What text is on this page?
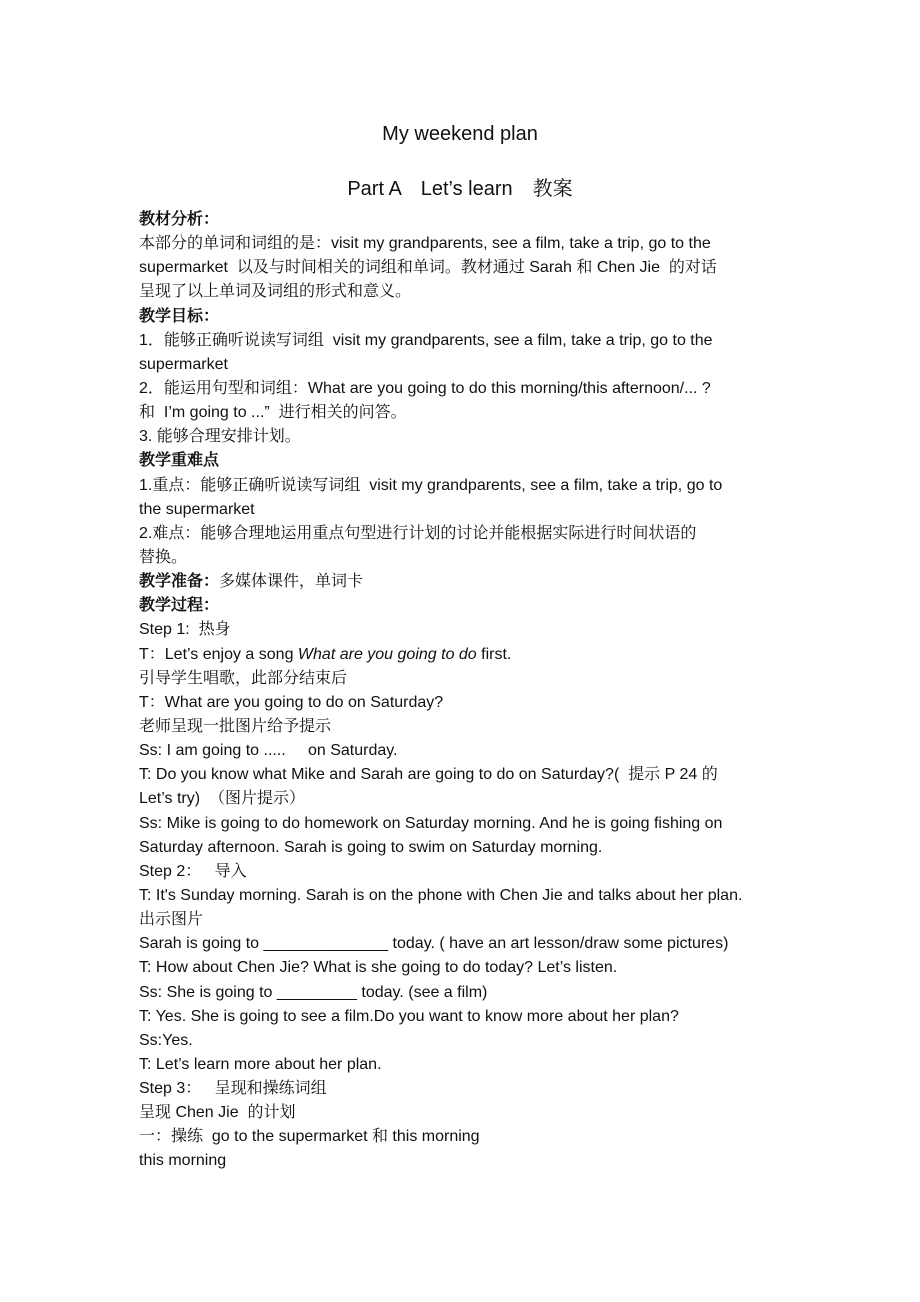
My weekend plan
Part A　Let’s learn　教案
教材分析：
本部分的单词和词组的是：visit my grandparents, see a film, take a trip, go to the
supermarket  以及与时间相关的词组和单词。教材通过 Sarah 和 Chen Jie  的对话
呈现了以上单词及词组的形式和意义。
教学目标：
1．能够正确听说读写词组  visit my grandparents, see a film, take a trip, go to the
supermarket
2．能运用句型和词组：What are you going to do this morning/this afternoon/... ?
和  I’m going to ...”  进行相关的问答。
3. 能够合理安排计划。
教学重难点
1.重点：能够正确听说读写词组  visit my grandparents, see a film, take a trip, go to
the supermarket
2.难点：能够合理地运用重点句型进行计划的讨论并能根据实际进行时间状语的
替换。
教学准备：多媒体课件，单词卡
教学过程：
Step 1:  热身
T：Let’s enjoy a song What are you going to do first.
引导学生唱歌，此部分结束后
T：What are you going to do on Saturday?
老师呈现一批图片给予提示
Ss: I am going to .....     on Saturday.
T: Do you know what Mike and Sarah are going to do on Saturday?(  提示 P 24 的
Let’s try)  （图片提示）
Ss: Mike is going to do homework on Saturday morning. And he is going fishing on
Saturday afternoon. Sarah is going to swim on Saturday morning.
Step 2：   导入
T: It's Sunday morning. Sarah is on the phone with Chen Jie and talks about her plan.
出示图片
Sarah is going to ______________ today. ( have an art lesson/draw some pictures)
T: How about Chen Jie? What is she going to do today? Let’s listen.
Ss: She is going to _________ today. (see a film)
T: Yes. She is going to see a film.Do you want to know more about her plan?
Ss:Yes.
T: Let’s learn more about her plan.
Step 3：   呈现和操练词组
呈现 Chen Jie  的计划
一：操练  go to the supermarket 和 this morning
this morning
